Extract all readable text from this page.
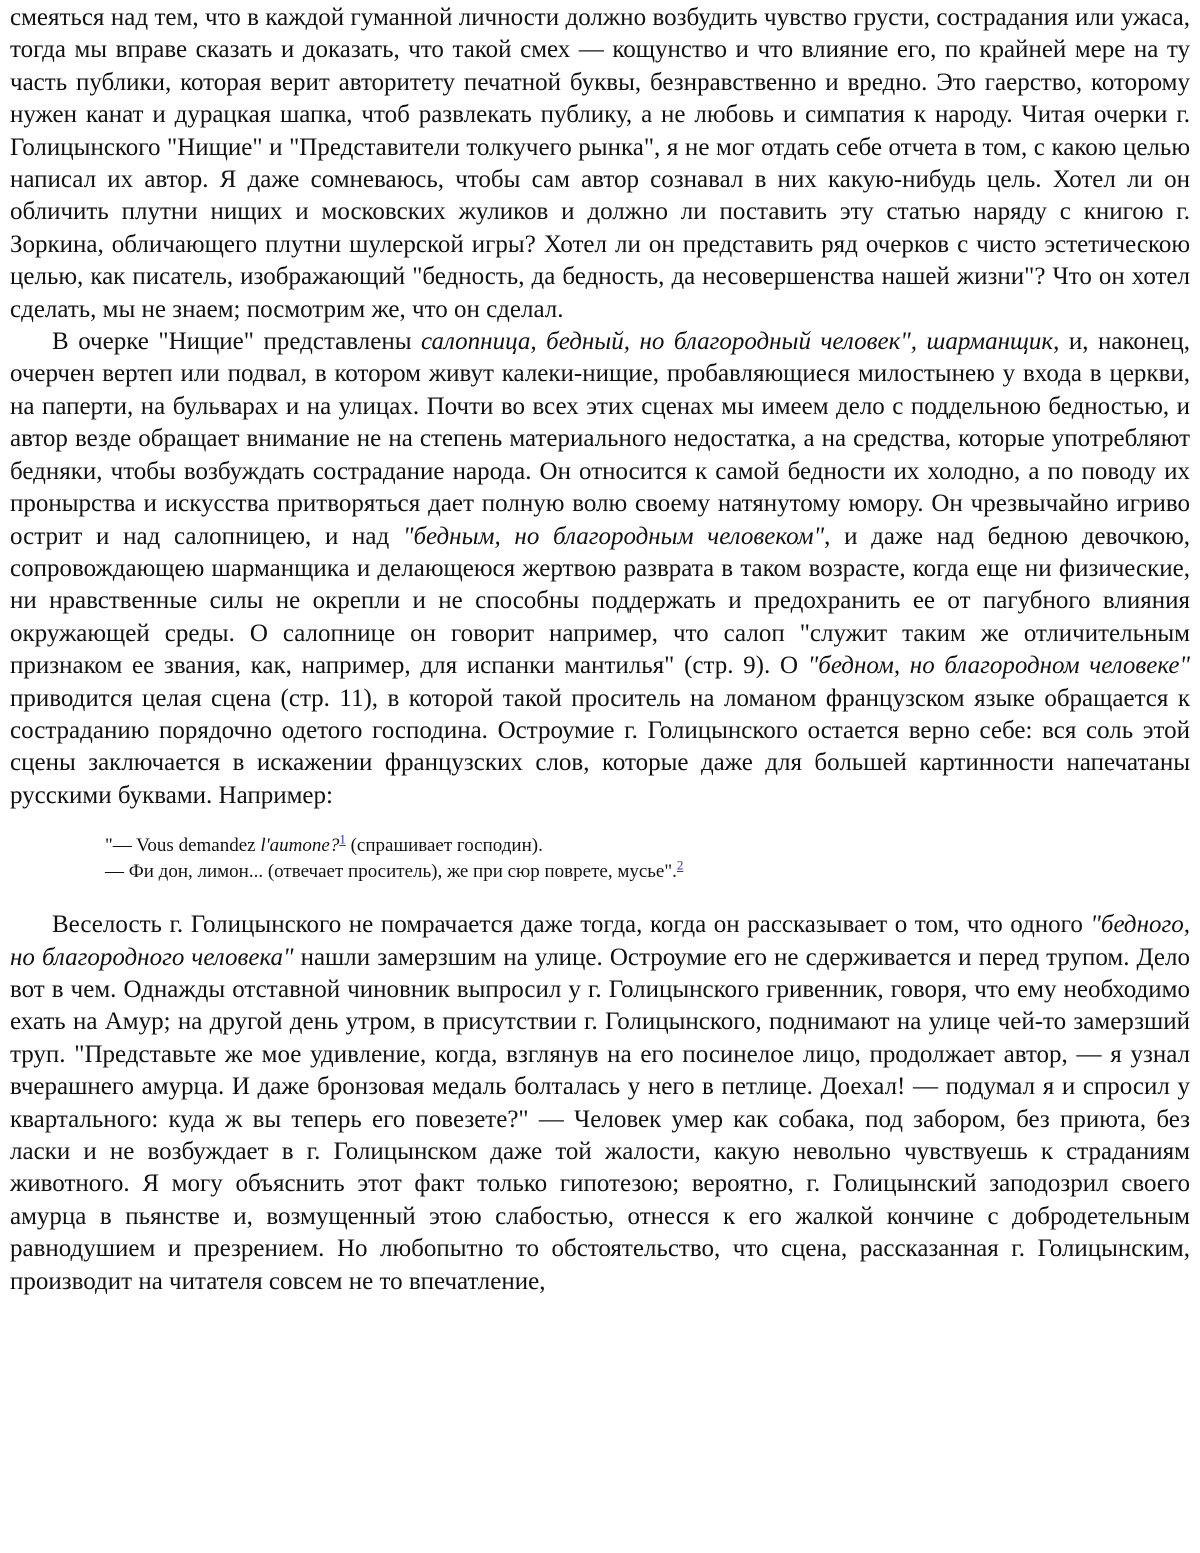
смеяться над тем, что в каждой гуманной личности должно возбудить чувство грусти, сострадания или ужаса, тогда мы вправе сказать и доказать, что такой смех — кощунство и что влияние его, по крайней мере на ту часть публики, которая верит авторитету печатной буквы, безнравственно и вредно. Это гаерство, которому нужен канат и дурацкая шапка, чтоб развлекать публику, а не любовь и симпатия к народу. Читая очерки г. Голицынского "Нищие" и "Представители толкучего рынка", я не мог отдать себе отчета в том, с какою целью написал их автор. Я даже сомневаюсь, чтобы сам автор сознавал в них какую-нибудь цель. Хотел ли он обличить плутни нищих и московских жуликов и должно ли поставить эту статью наряду с книгою г. Зоркина, обличающего плутни шулерской игры? Хотел ли он представить ряд очерков с чисто эстетическою целью, как писатель, изображающий "бедность, да бедность, да несовершенства нашей жизни"? Что он хотел сделать, мы не знаем; посмотрим же, что он сделал.

В очерке "Нищие" представлены салопница, бедный, но благородный человек", шарманщик, и, наконец, очерчен вертеп или подвал, в котором живут калеки-нищие, пробавляющиеся милостынею у входа в церкви, на паперти, на бульварах и на улицах. Почти во всех этих сценах мы имеем дело с поддельною бедностью, и автор везде обращает внимание не на степень материального недостатка, а на средства, которые употребляют бедняки, чтобы возбуждать сострадание народа. Он относится к самой бедности их холодно, а по поводу их пронырства и искусства притворяться дает полную волю своему натянутому юмору. Он чрезвычайно игриво острит и над салопницею, и над "бедным, но благородным человеком", и даже над бедною девочкою, сопровождающею шарманщика и делающеюся жертвою разврата в таком возрасте, когда еще ни физические, ни нравственные силы не окрепли и не способны поддержать и предохранить ее от пагубного влияния окружающей среды. О салопнице он говорит например, что салоп "служит таким же отличительным признаком ее звания, как, например, для испанки мантилья" (стр. 9). О "бедном, но благородном человеке" приводится целая сцена (стр. 11), в которой такой проситель на ломаном французском языке обращается к состраданию порядочно одетого господина. Остроумие г. Голицынского остается верно себе: вся соль этой сцены заключается в искажении французских слов, которые даже для большей картинности напечатаны русскими буквами. Например:

"— Vous demandez l'aumone?$^1$ (спрашивает господин).
— Фи дон, лимон... (отвечает проситель), же при сюр поврете, мусье".$^2$

Веселость г. Голицынского не помрачается даже тогда, когда он рассказывает о том, что одного "бедного, но благородного человека" нашли замерзшим на улице. Остроумие его не сдерживается и перед трупом. Дело вот в чем. Однажды отставной чиновник выпросил у г. Голицынского гривенник, говоря, что ему необходимо ехать на Амур; на другой день утром, в присутствии г. Голицынского, поднимают на улице чей-то замерзший труп. "Представьте же мое удивление, когда, взглянув на его посинелое лицо, продолжает автор, — я узнал вчерашнего амурца. И даже бронзовая медаль болталась у него в петлице. Доехал! — подумал я и спросил у квартального: куда ж вы теперь его повезете?" — Человек умер как собака, под забором, без приюта, без ласки и не возбуждает в г. Голицынском даже той жалости, какую невольно чувствуешь к страданиям животного. Я могу объяснить этот факт только гипотезою; вероятно, г. Голицынский заподозрил своего амурца в пьянстве и, возмущенный этою слабостью, отнесся к его жалкой кончине с добродетельным равнодушием и презрением. Но любопытно то обстоятельство, что сцена, рассказанная г. Голицынским, производит на читателя совсем не то впечатление,
